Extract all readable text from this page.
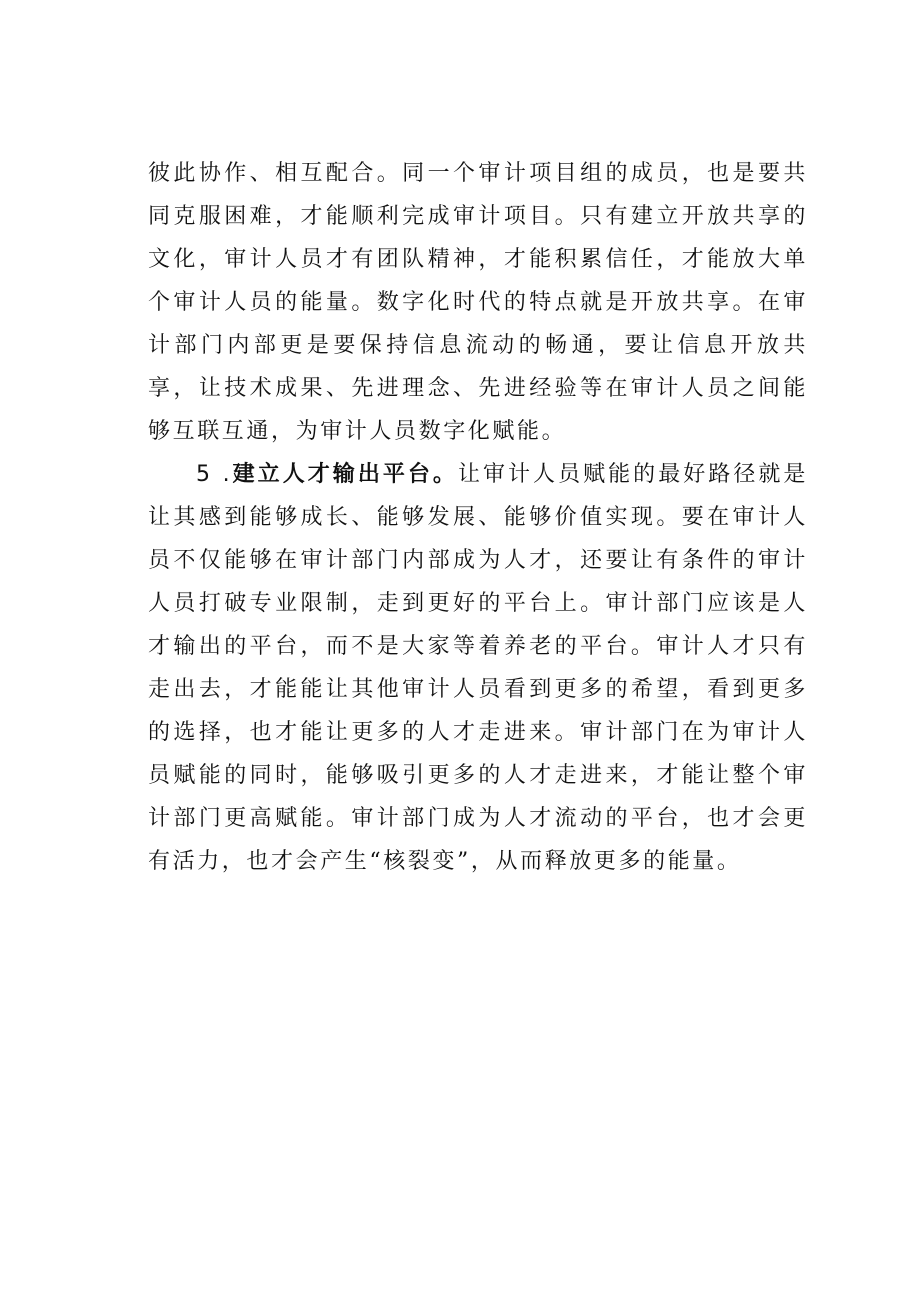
彼此协作、相互配合。同一个审计项目组的成员，也是要共同克服困难，才能顺利完成审计项目。只有建立开放共享的文化，审计人员才有团队精神，才能积累信任，才能放大单个审计人员的能量。数字化时代的特点就是开放共享。在审计部门内部更是要保持信息流动的畅通，要让信息开放共享，让技术成果、先进理念、先进经验等在审计人员之间能够互联互通，为审计人员数字化赋能。

5 .建立人才输出平台。让审计人员赋能的最好路径就是让其感到能够成长、能够发展、能够价值实现。要在审计人员不仅能够在审计部门内部成为人才，还要让有条件的审计人员打破专业限制，走到更好的平台上。审计部门应该是人才输出的平台，而不是大家等着养老的平台。审计人才只有走出去，才能能让其他审计人员看到更多的希望，看到更多的选择，也才能让更多的人才走进来。审计部门在为审计人员赋能的同时，能够吸引更多的人才走进来，才能让整个审计部门更高赋能。审计部门成为人才流动的平台，也才会更有活力，也才会产生“核裂变”，从而释放更多的能量。
